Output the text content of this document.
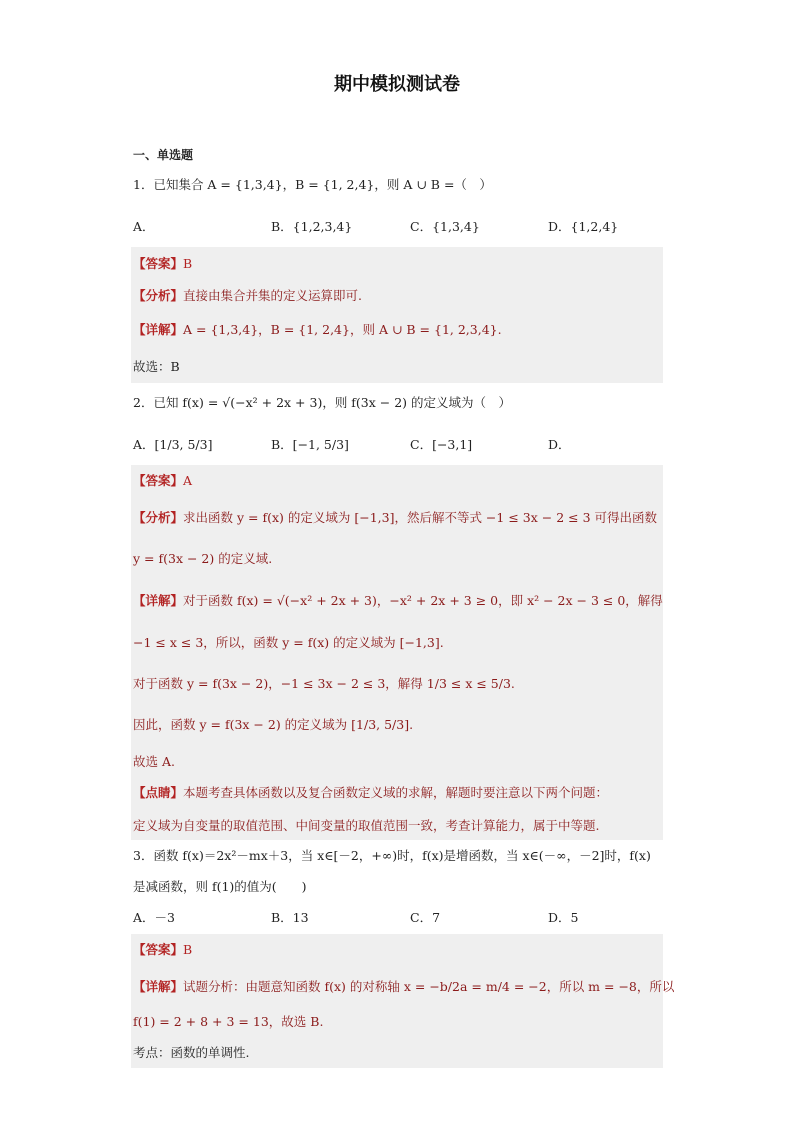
期中模拟测试卷
一、单选题
1．已知集合 A = {1,3,4}，B = {1, 2,4}，则 A ∪ B =（　）
A．	B．{1,2,3,4}	C．{1,3,4}	D．{1,2,4}
【答案】B
【分析】直接由集合并集的定义运算即可.
【详解】A = {1,3,4}，B = {1, 2,4}，则 A ∪ B = {1, 2,3,4}.
故选：B
2．已知 f(x) = √(−x² + 2x + 3)，则 f(3x − 2) 的定义域为（　）
A．[1/3, 5/3]	B．[−1, 5/3]	C．[−3,1]	D．
【答案】A
【分析】求出函数 y = f(x) 的定义域为 [−1,3]，然后解不等式 −1 ≤ 3x − 2 ≤ 3 可得出函数
y = f(3x − 2) 的定义域.
【详解】对于函数 f(x) = √(−x² + 2x + 3)，−x² + 2x + 3 ≥ 0，即 x² − 2x − 3 ≤ 0，解得
−1 ≤ x ≤ 3，所以，函数 y = f(x) 的定义域为 [−1,3].
对于函数 y = f(3x − 2)，−1 ≤ 3x − 2 ≤ 3，解得 1/3 ≤ x ≤ 5/3.
因此，函数 y = f(3x − 2) 的定义域为 [1/3, 5/3].
故选 A.
【点睛】本题考查具体函数以及复合函数定义域的求解，解题时要注意以下两个问题：
定义域为自变量的取值范围、中间变量的取值范围一致，考查计算能力，属于中等题.
3．函数 f(x)＝2x²－mx＋3，当 x∈[－2，+∞)时，f(x)是增函数，当 x∈(－∞，－2]时，f(x)
是减函数，则 f(1)的值为(　　)
A．－3	B．13	C．7	D．5
【答案】B
【详解】试题分析：由题意知函数 f(x) 的对称轴 x = −b/2a = m/4 = −2，所以 m = −8，所以
f(1) = 2 + 8 + 3 = 13，故选 B.
考点：函数的单调性.
